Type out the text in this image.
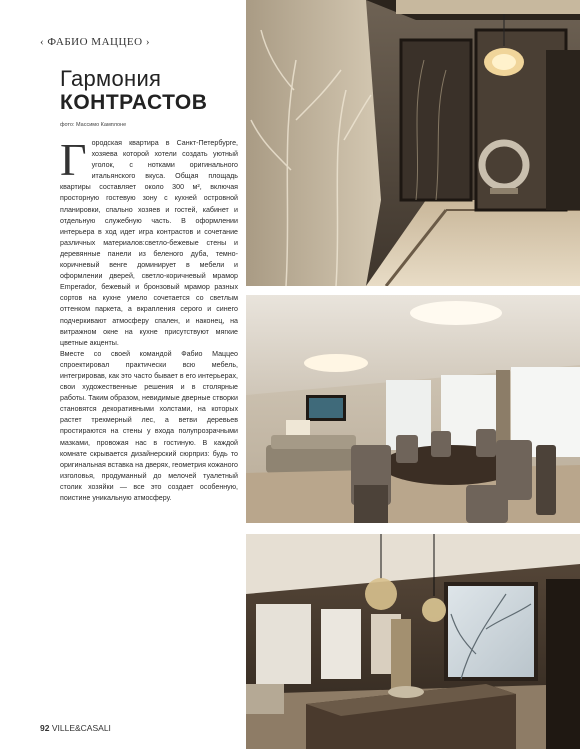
‹ ФАБИО МАЦЦЕО ›
Гармония
КОНТРАСТОВ
фото: Массимо Камплоне
Г ородская квартира в Санкт-Петербурге, хозяева которой хотели создать уютный уголок, с нотками оригинального итальянского вкуса. Общая площадь квартиры составляет около 300 м², включая просторную гостевую зону с кухней островной планировки, спально хозяев и гостей, кабинет и отдельную служебную часть. В оформлении интерьера в ход идет игра контрастов и сочетание различных материалов:светло-бежевые стены и деревянные панели из беленого дуба, темно-коричневый венге доминирует в мебели и оформлении дверей, светло-коричневый мрамор Emperador, бежевый и бронзовый мрамор разных сортов на кухне умело сочетается со светлым оттенком паркета, а вкрапления серого и синего подчеркивают атмосферу спален, и наконец, на витражном окне на кухне присутствуют мягкие цветные акценты.

Вместе со своей командой Фабио Маццео спроектировал практически всю мебель, интегрировав, как это часто бывает в его интерьерах, свои художественные решения и в столярные работы. Таким образом, невидимые дверные створки становятся декоративными холстами, на которых растет трехмерный лес, а ветви деревьев простираются на стены у входа полупрозрачными мазками, провожая нас в гостиную. В каждой комнате скрывается дизайнерский сюрприз: будь то оригинальная вставка на дверях, геометрия кожаного изголовья, продуманный до мелочей туалетный столик хозяйки — все это создает особенную, поистине уникальную атмосферу.

92 VILLE&CASALI
